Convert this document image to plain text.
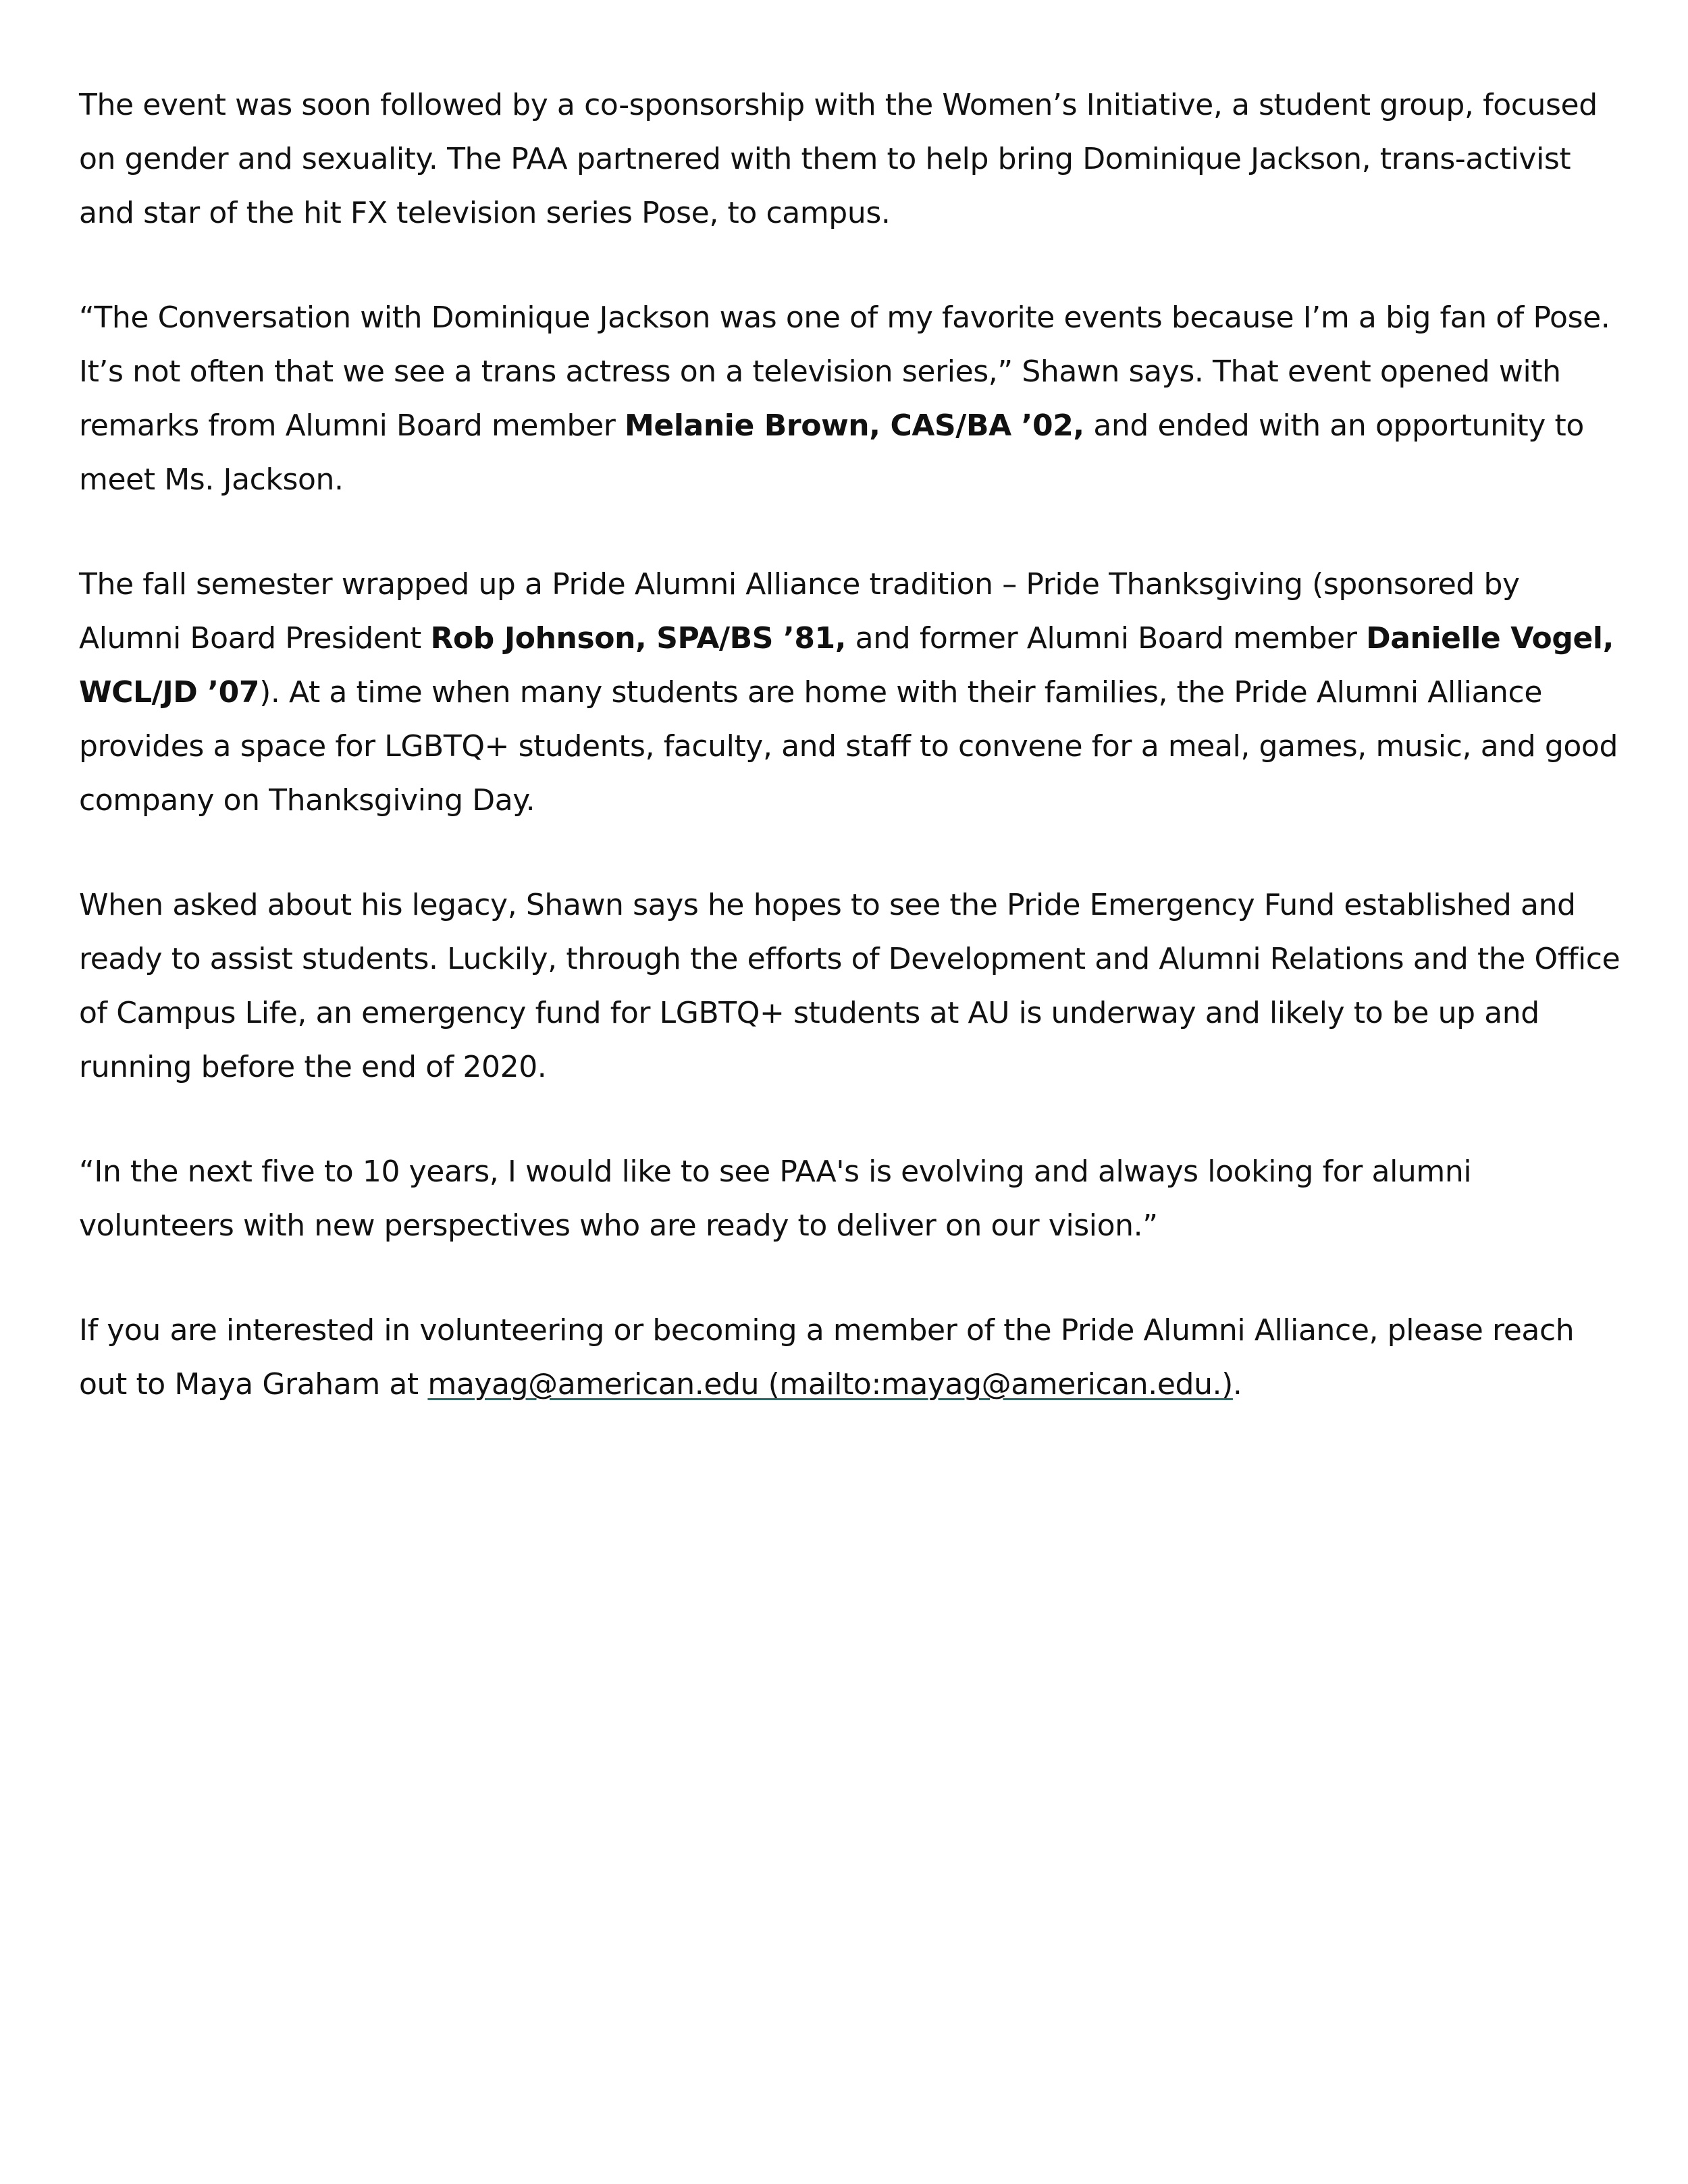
The event was soon followed by a co-sponsorship with the Women’s Initiative, a student group, focused on gender and sexuality. The PAA partnered with them to help bring Dominique Jackson, trans-activist and star of the hit FX television series Pose, to campus.

“The Conversation with Dominique Jackson was one of my favorite events because I’m a big fan of Pose. It’s not often that we see a trans actress on a television series,” Shawn says. That event opened with remarks from Alumni Board member Melanie Brown, CAS/BA ’02, and ended with an opportunity to meet Ms. Jackson.

The fall semester wrapped up a Pride Alumni Alliance tradition – Pride Thanksgiving (sponsored by Alumni Board President Rob Johnson, SPA/BS ’81, and former Alumni Board member Danielle Vogel, WCL/JD ’07). At a time when many students are home with their families, the Pride Alumni Alliance provides a space for LGBTQ+ students, faculty, and staff to convene for a meal, games, music, and good company on Thanksgiving Day.

When asked about his legacy, Shawn says he hopes to see the Pride Emergency Fund established and ready to assist students. Luckily, through the efforts of Development and Alumni Relations and the Office of Campus Life, an emergency fund for LGBTQ+ students at AU is underway and likely to be up and running before the end of 2020.

“In the next five to 10 years, I would like to see PAA's is evolving and always looking for alumni volunteers with new perspectives who are ready to deliver on our vision.”

If you are interested in volunteering or becoming a member of the Pride Alumni Alliance, please reach out to Maya Graham at mayag@american.edu (mailto:mayag@american.edu.).
